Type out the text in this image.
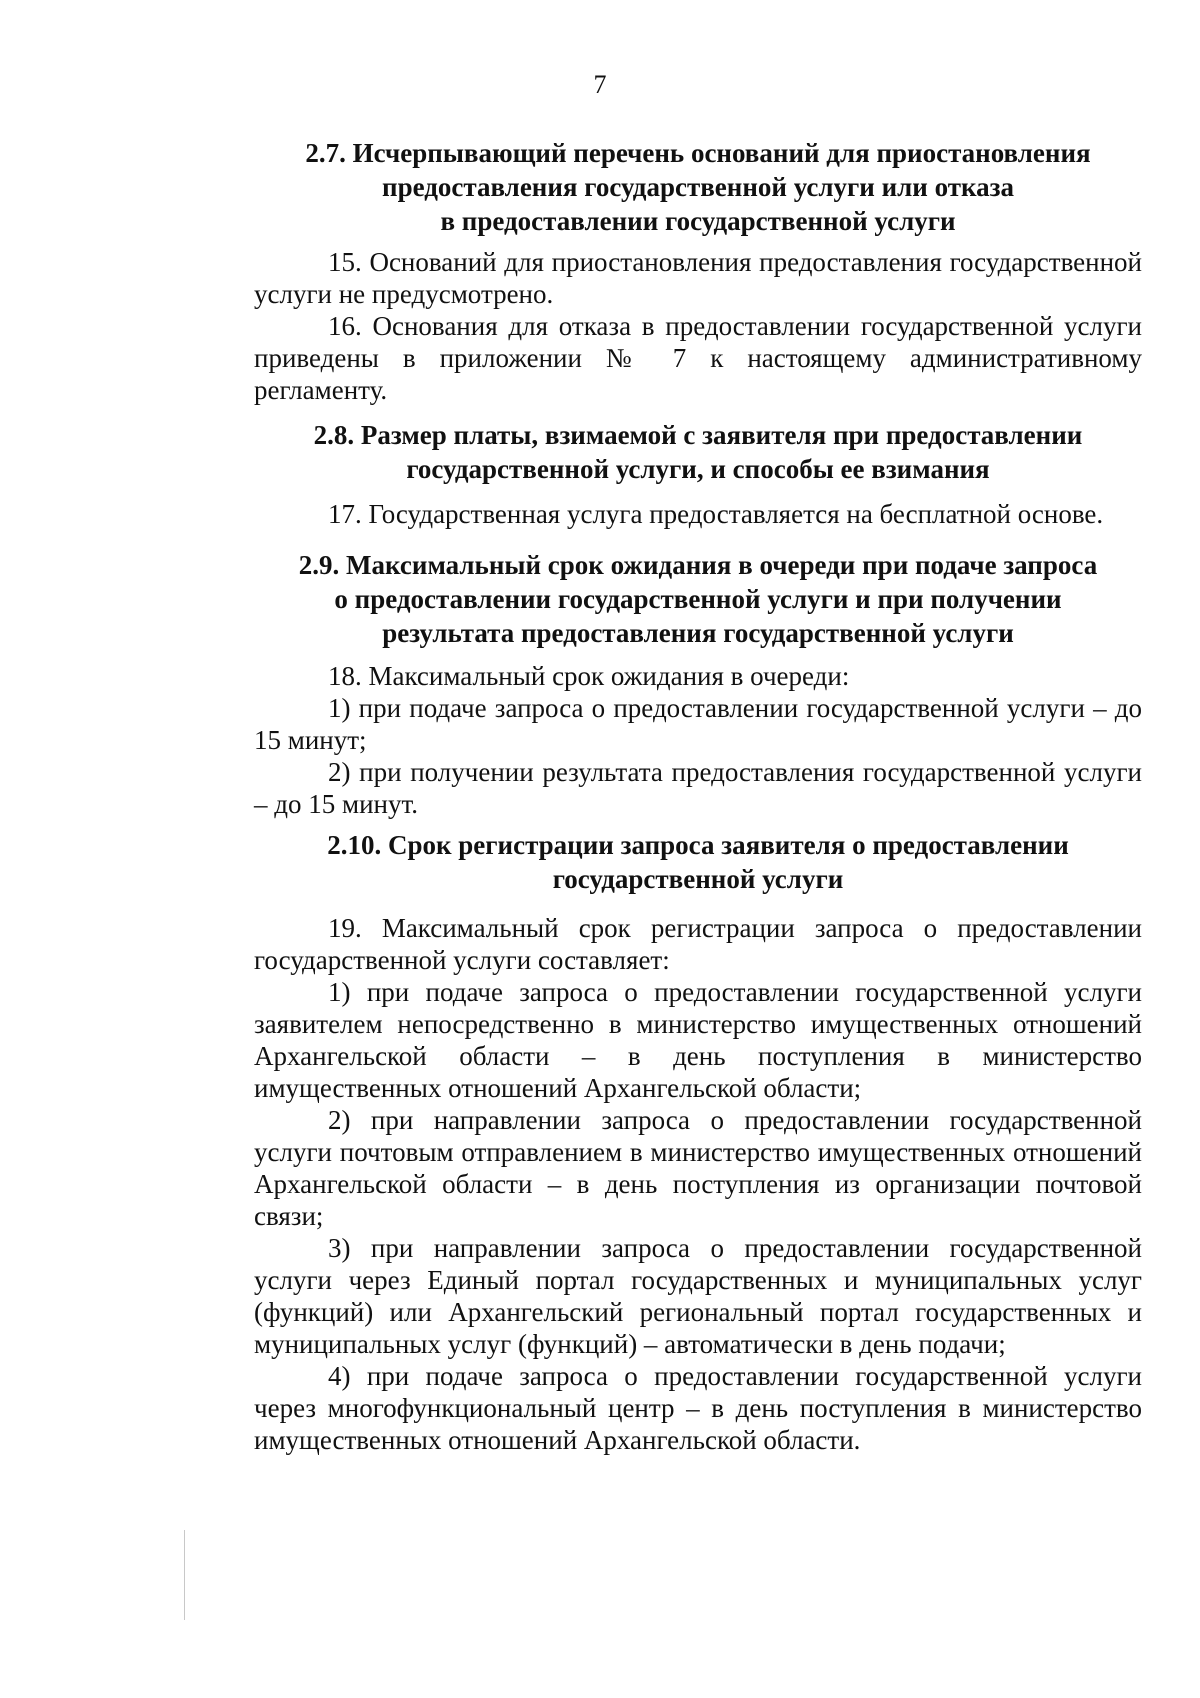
7
2.7. Исчерпывающий перечень оснований для приостановления
предоставления государственной услуги или отказа
в предоставлении государственной услуги

15. Оснований для приостановления предоставления государственной услуги не предусмотрено.

16. Основания для отказа в предоставлении государственной услуги приведены в приложении № 7 к настоящему административному регламенту.

2.8. Размер платы, взимаемой с заявителя при предоставлении
государственной услуги, и способы ее взимания

17. Государственная услуга предоставляется на бесплатной основе.

2.9. Максимальный срок ожидания в очереди при подаче запроса
о предоставлении государственной услуги и при получении
результата предоставления государственной услуги

18. Максимальный срок ожидания в очереди:

1) при подаче запроса о предоставлении государственной услуги – до 15 минут;

2) при получении результата предоставления государственной услуги – до 15 минут.

2.10. Срок регистрации запроса заявителя о предоставлении
государственной услуги

19. Максимальный срок регистрации запроса о предоставлении государственной услуги составляет:

1) при подаче запроса о предоставлении государственной услуги заявителем непосредственно в министерство имущественных отношений Архангельской области – в день поступления в министерство имущественных отношений Архангельской области;

2) при направлении запроса о предоставлении государственной услуги почтовым отправлением в министерство имущественных отношений Архангельской области – в день поступления из организации почтовой связи;

3) при направлении запроса о предоставлении государственной услуги через Единый портал государственных и муниципальных услуг (функций) или Архангельский региональный портал государственных и муниципальных услуг (функций) – автоматически в день подачи;

4) при подаче запроса о предоставлении государственной услуги через многофункциональный центр – в день поступления в министерство имущественных отношений Архангельской области.
